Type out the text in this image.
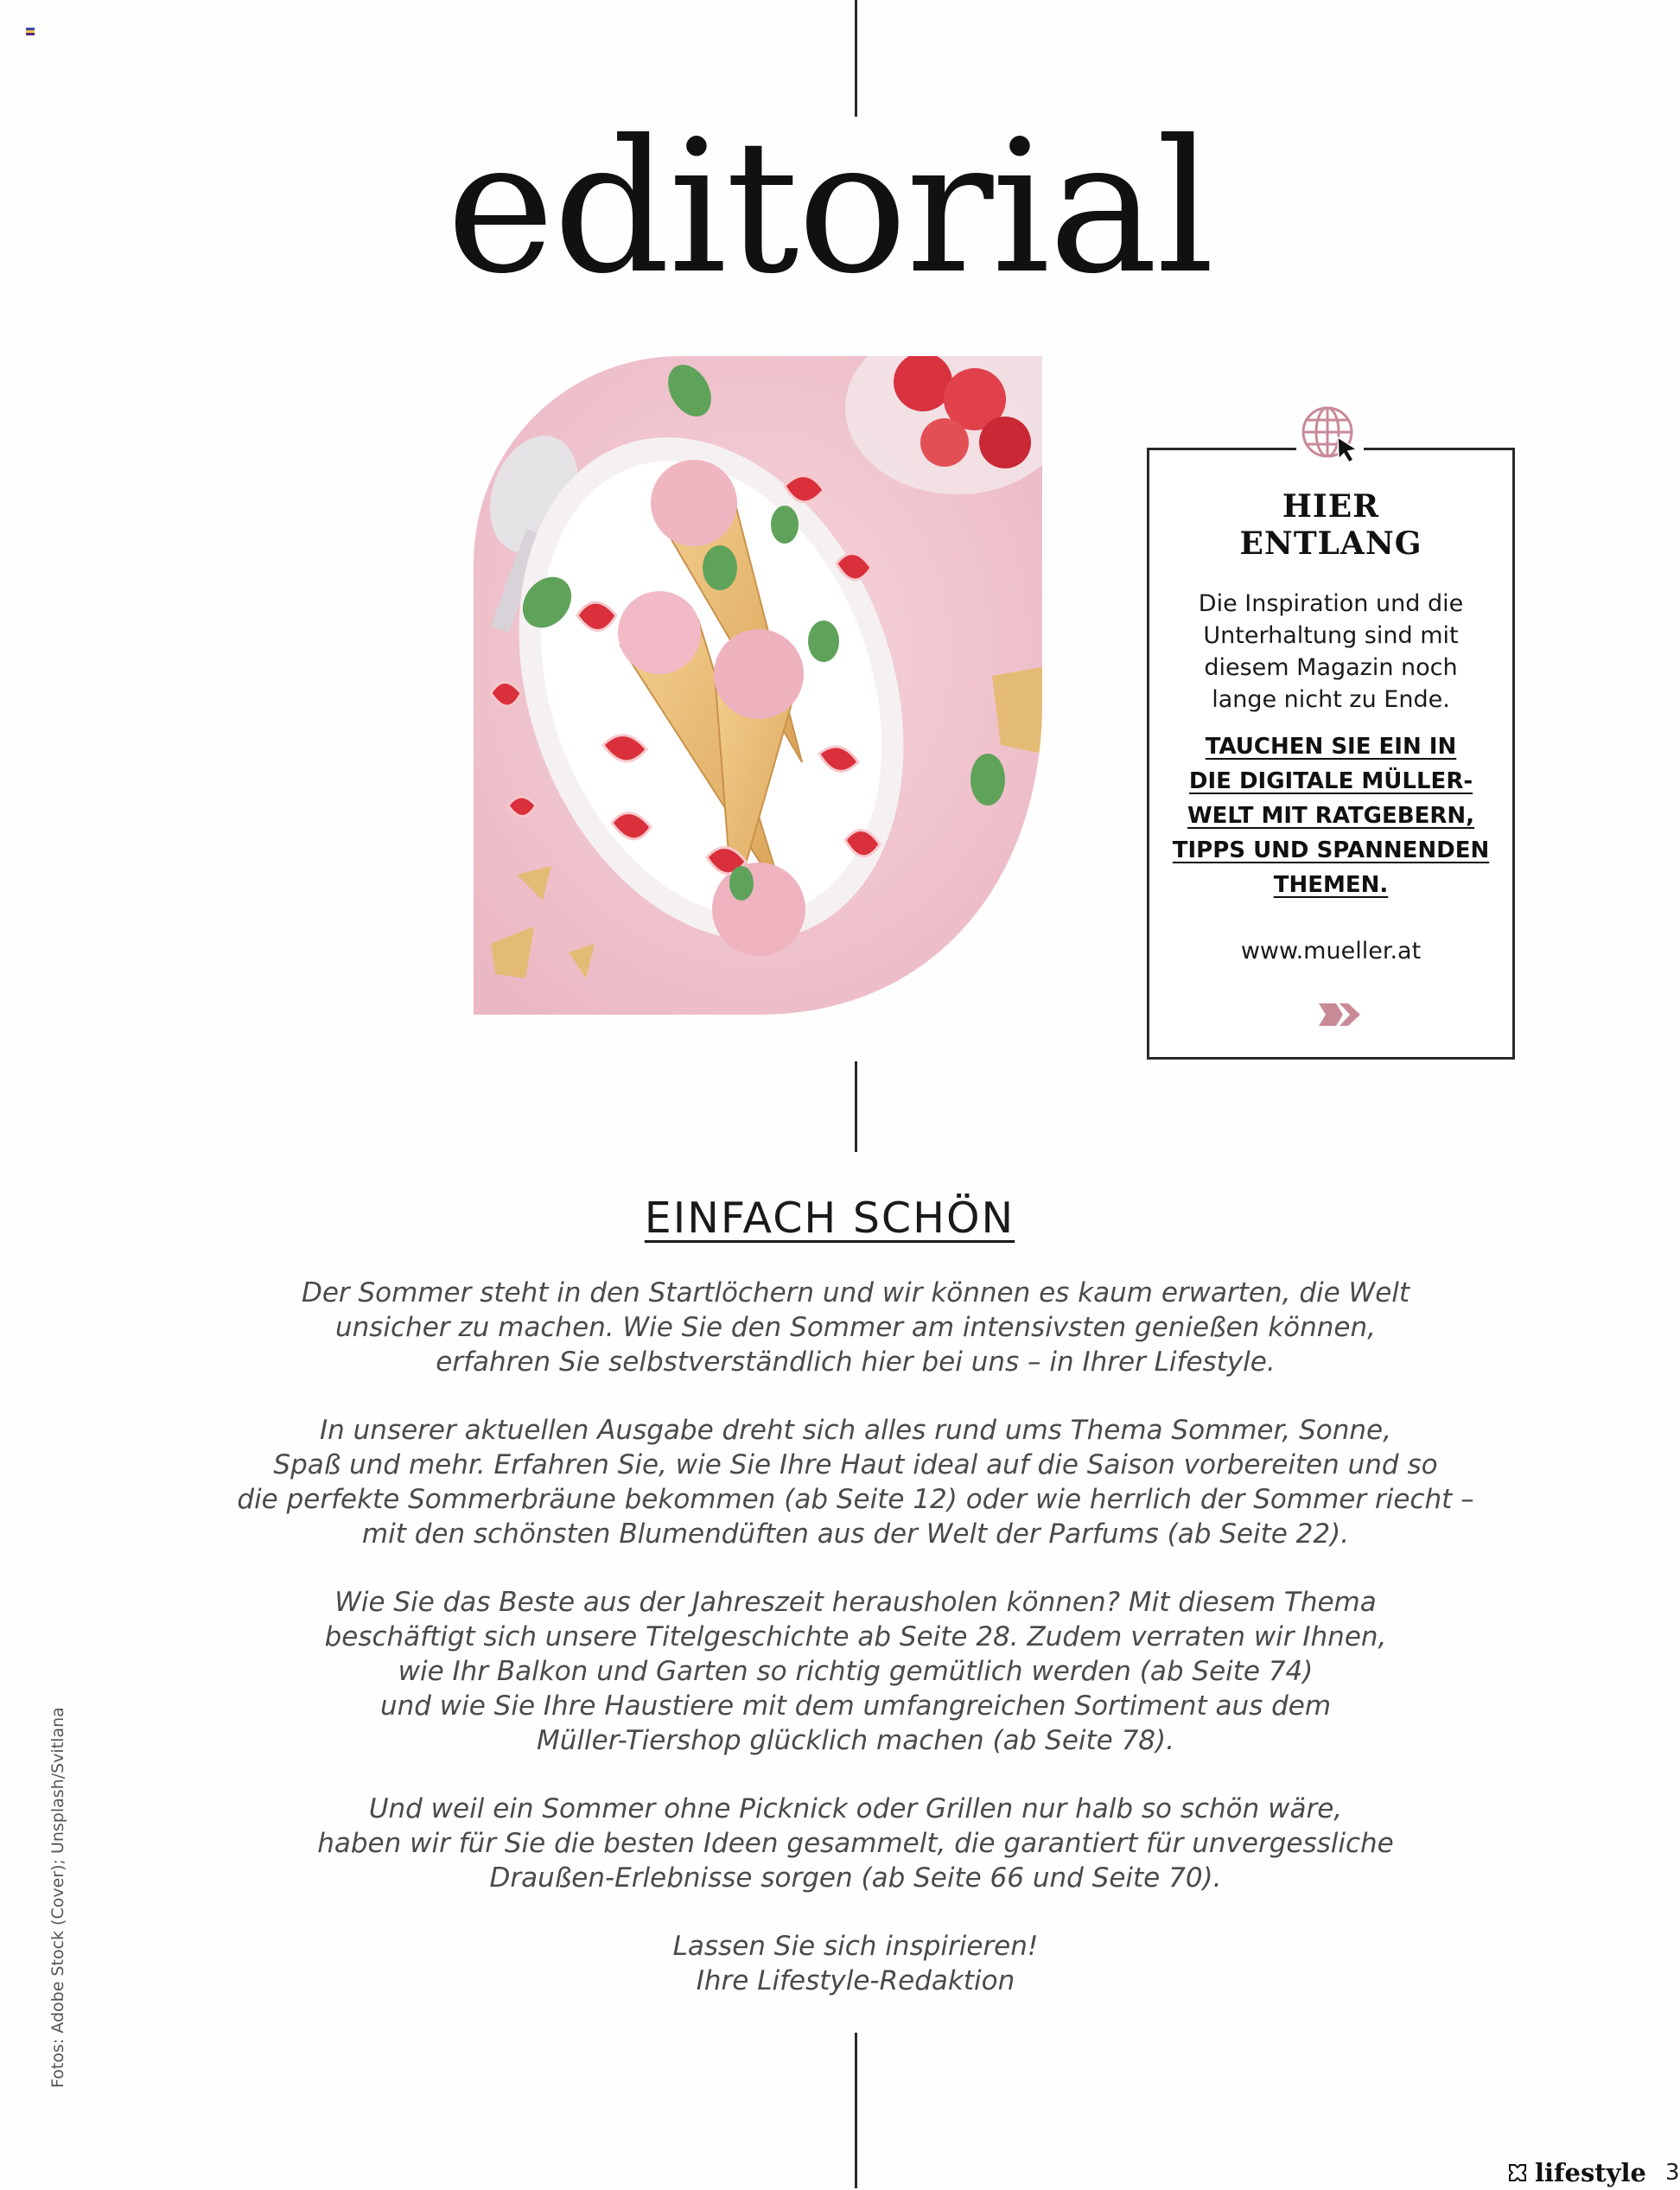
editorial
HIER
ENTLANG
Die Inspiration und die
Unterhaltung sind mit
diesem Magazin noch
lange nicht zu Ende.
TAUCHEN SIE EIN IN
DIE DIGITALE MÜLLER-
WELT MIT RATGEBERN,
TIPPS UND SPANNENDEN
THEMEN.
www.mueller.at
EINFACH SCHÖN

Der Sommer steht in den Startlöchern und wir können es kaum erwarten, die Welt
unsicher zu machen. Wie Sie den Sommer am intensivsten genießen können,
erfahren Sie selbstverständlich hier bei uns – in Ihrer Lifestyle.

In unserer aktuellen Ausgabe dreht sich alles rund ums Thema Sommer, Sonne,
Spaß und mehr. Erfahren Sie, wie Sie Ihre Haut ideal auf die Saison vorbereiten und so
die perfekte Sommerbräune bekommen (ab Seite 12) oder wie herrlich der Sommer riecht –
mit den schönsten Blumendüften aus der Welt der Parfums (ab Seite 22).

Wie Sie das Beste aus der Jahreszeit herausholen können? Mit diesem Thema
beschäftigt sich unsere Titelgeschichte ab Seite 28. Zudem verraten wir Ihnen,
wie Ihr Balkon und Garten so richtig gemütlich werden (ab Seite 74)
und wie Sie Ihre Haustiere mit dem umfangreichen Sortiment aus dem
Müller-Tiershop glücklich machen (ab Seite 78).

Und weil ein Sommer ohne Picknick oder Grillen nur halb so schön wäre,
haben wir für Sie die besten Ideen gesammelt, die garantiert für unvergessliche
Draußen-Erlebnisse sorgen (ab Seite 66 und Seite 70).

Lassen Sie sich inspirieren!
Ihre Lifestyle-Redaktion

Fotos: Adobe Stock (Cover); Unsplash/Svitlana
lifestyle 3
